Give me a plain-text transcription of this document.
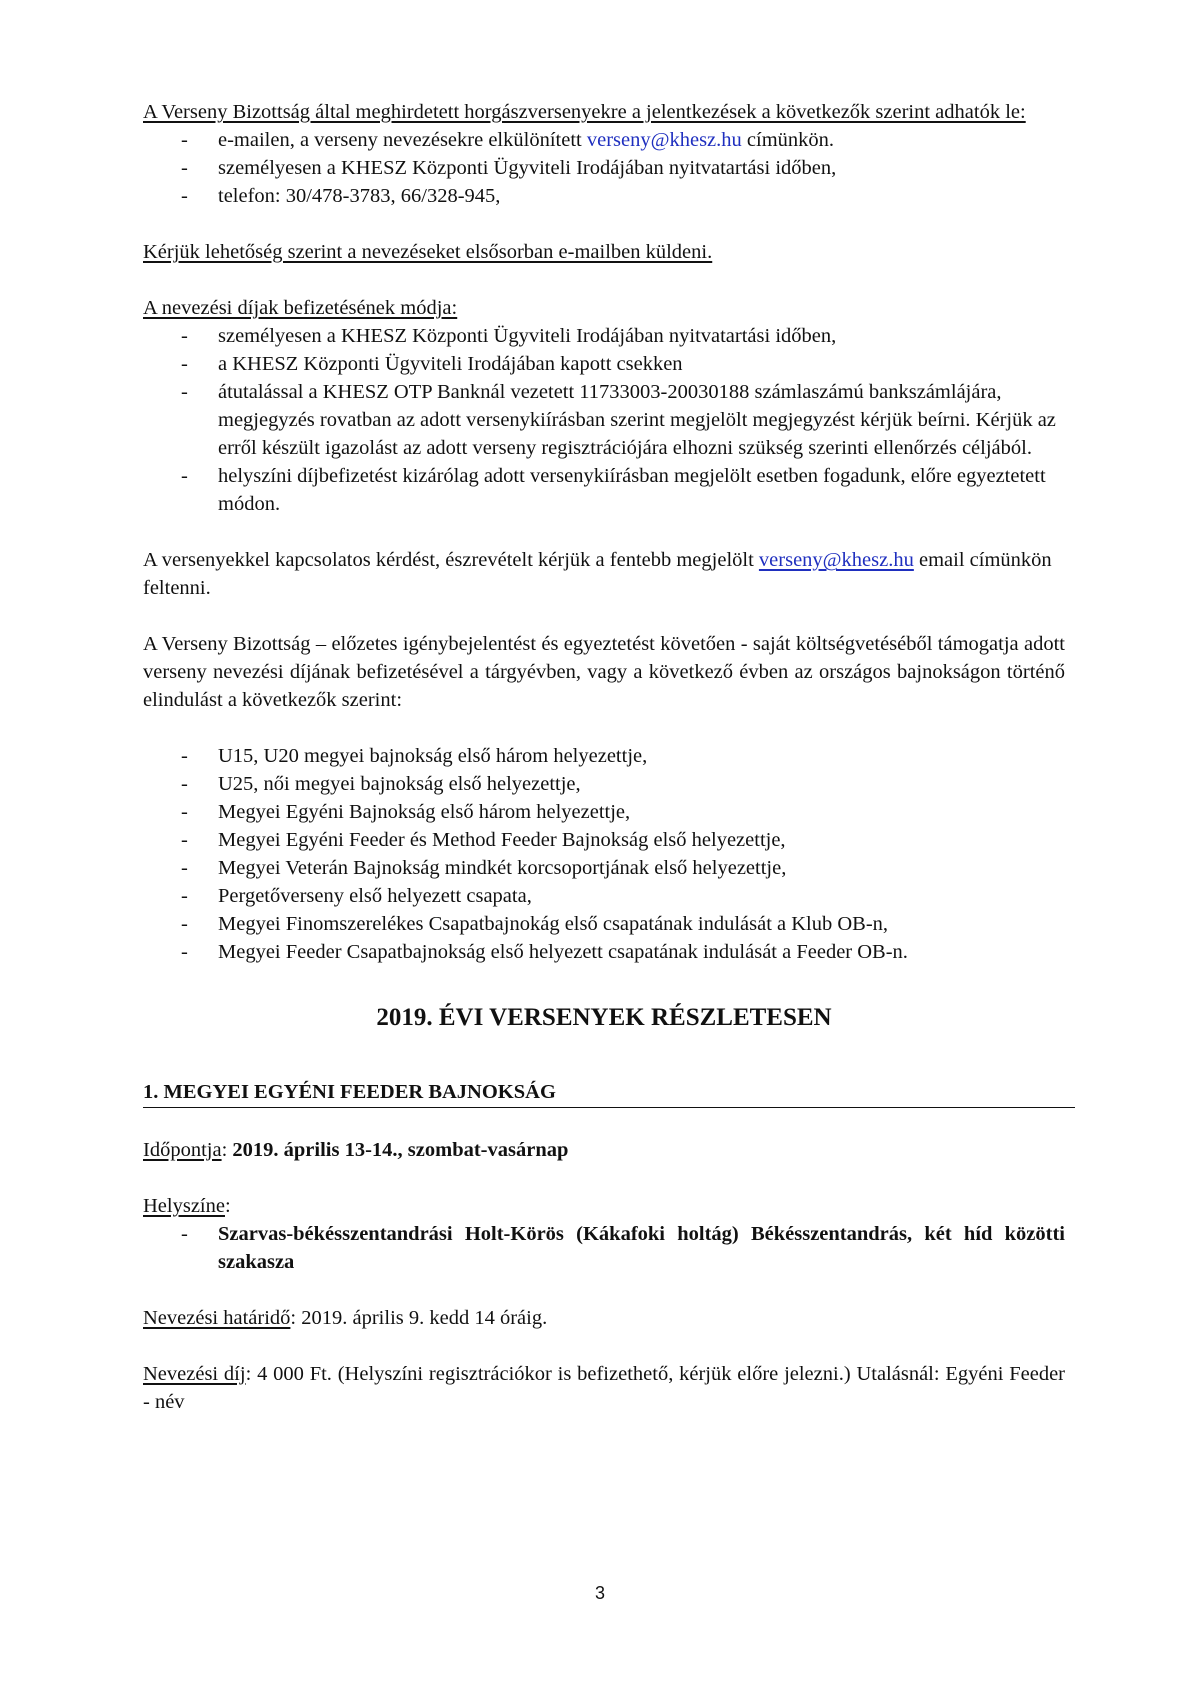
A Verseny Bizottság által meghirdetett horgászversenyekre a jelentkezések a következők szerint adhatók le:

- e-mailen, a verseny nevezésekre elkülönített verseny@khesz.hu címünkön.
- személyesen a KHESZ Központi Ügyviteli Irodájában nyitvatartási időben,
- telefon: 30/478-3783, 66/328-945,

Kérjük lehetőség szerint a nevezéseket elsősorban e-mailben küldeni.

A nevezési díjak befizetésének módja:

- személyesen a KHESZ Központi Ügyviteli Irodájában nyitvatartási időben,
- a KHESZ Központi Ügyviteli Irodájában kapott csekken
- átutalással a KHESZ OTP Banknál vezetett 11733003-20030188 számlaszámú bankszámlájára, megjegyzés rovatban az adott versenykiírásban szerint megjelölt megjegyzést kérjük beírni. Kérjük az erről készült igazolást az adott verseny regisztrációjára elhozni szükség szerinti ellenőrzés céljából.
- helyszíni díjbefizetést kizárólag adott versenykiírásban megjelölt esetben fogadunk, előre egyeztetett módon.

A versenyekkel kapcsolatos kérdést, észrevételt kérjük a fentebb megjelölt verseny@khesz.hu email címünkön feltenni.

A Verseny Bizottság – előzetes igénybejelentést és egyeztetést követően - saját költségvetéséből támogatja adott verseny nevezési díjának befizetésével a tárgyévben, vagy a következő évben az országos bajnokságon történő elindulást a következők szerint:

- U15, U20 megyei bajnokság első három helyezettje,
- U25, női megyei bajnokság első helyezettje,
- Megyei Egyéni Bajnokság első három helyezettje,
- Megyei Egyéni Feeder és Method Feeder Bajnokság első helyezettje,
- Megyei Veterán Bajnokság mindkét korcsoportjának első helyezettje,
- Pergetőverseny első helyezett csapata,
- Megyei Finomszerelékes Csapatbajnokág első csapatának indulását a Klub OB-n,
- Megyei Feeder Csapatbajnokság első helyezett csapatának indulását a Feeder OB-n.

2019. ÉVI VERSENYEK RÉSZLETESEN

1. MEGYEI EGYÉNI FEEDER BAJNOKSÁG

Időpontja: 2019. április 13-14., szombat-vasárnap

Helyszíne:

- Szarvas-békésszentandrási Holt-Körös (Kákafoki holtág) Békésszentandrás, két híd közötti szakasza

Nevezési határidő: 2019. április 9. kedd 14 óráig.

Nevezési díj: 4 000 Ft. (Helyszíni regisztrációkor is befizethető, kérjük előre jelezni.) Utalásnál: Egyéni Feeder - név

3
